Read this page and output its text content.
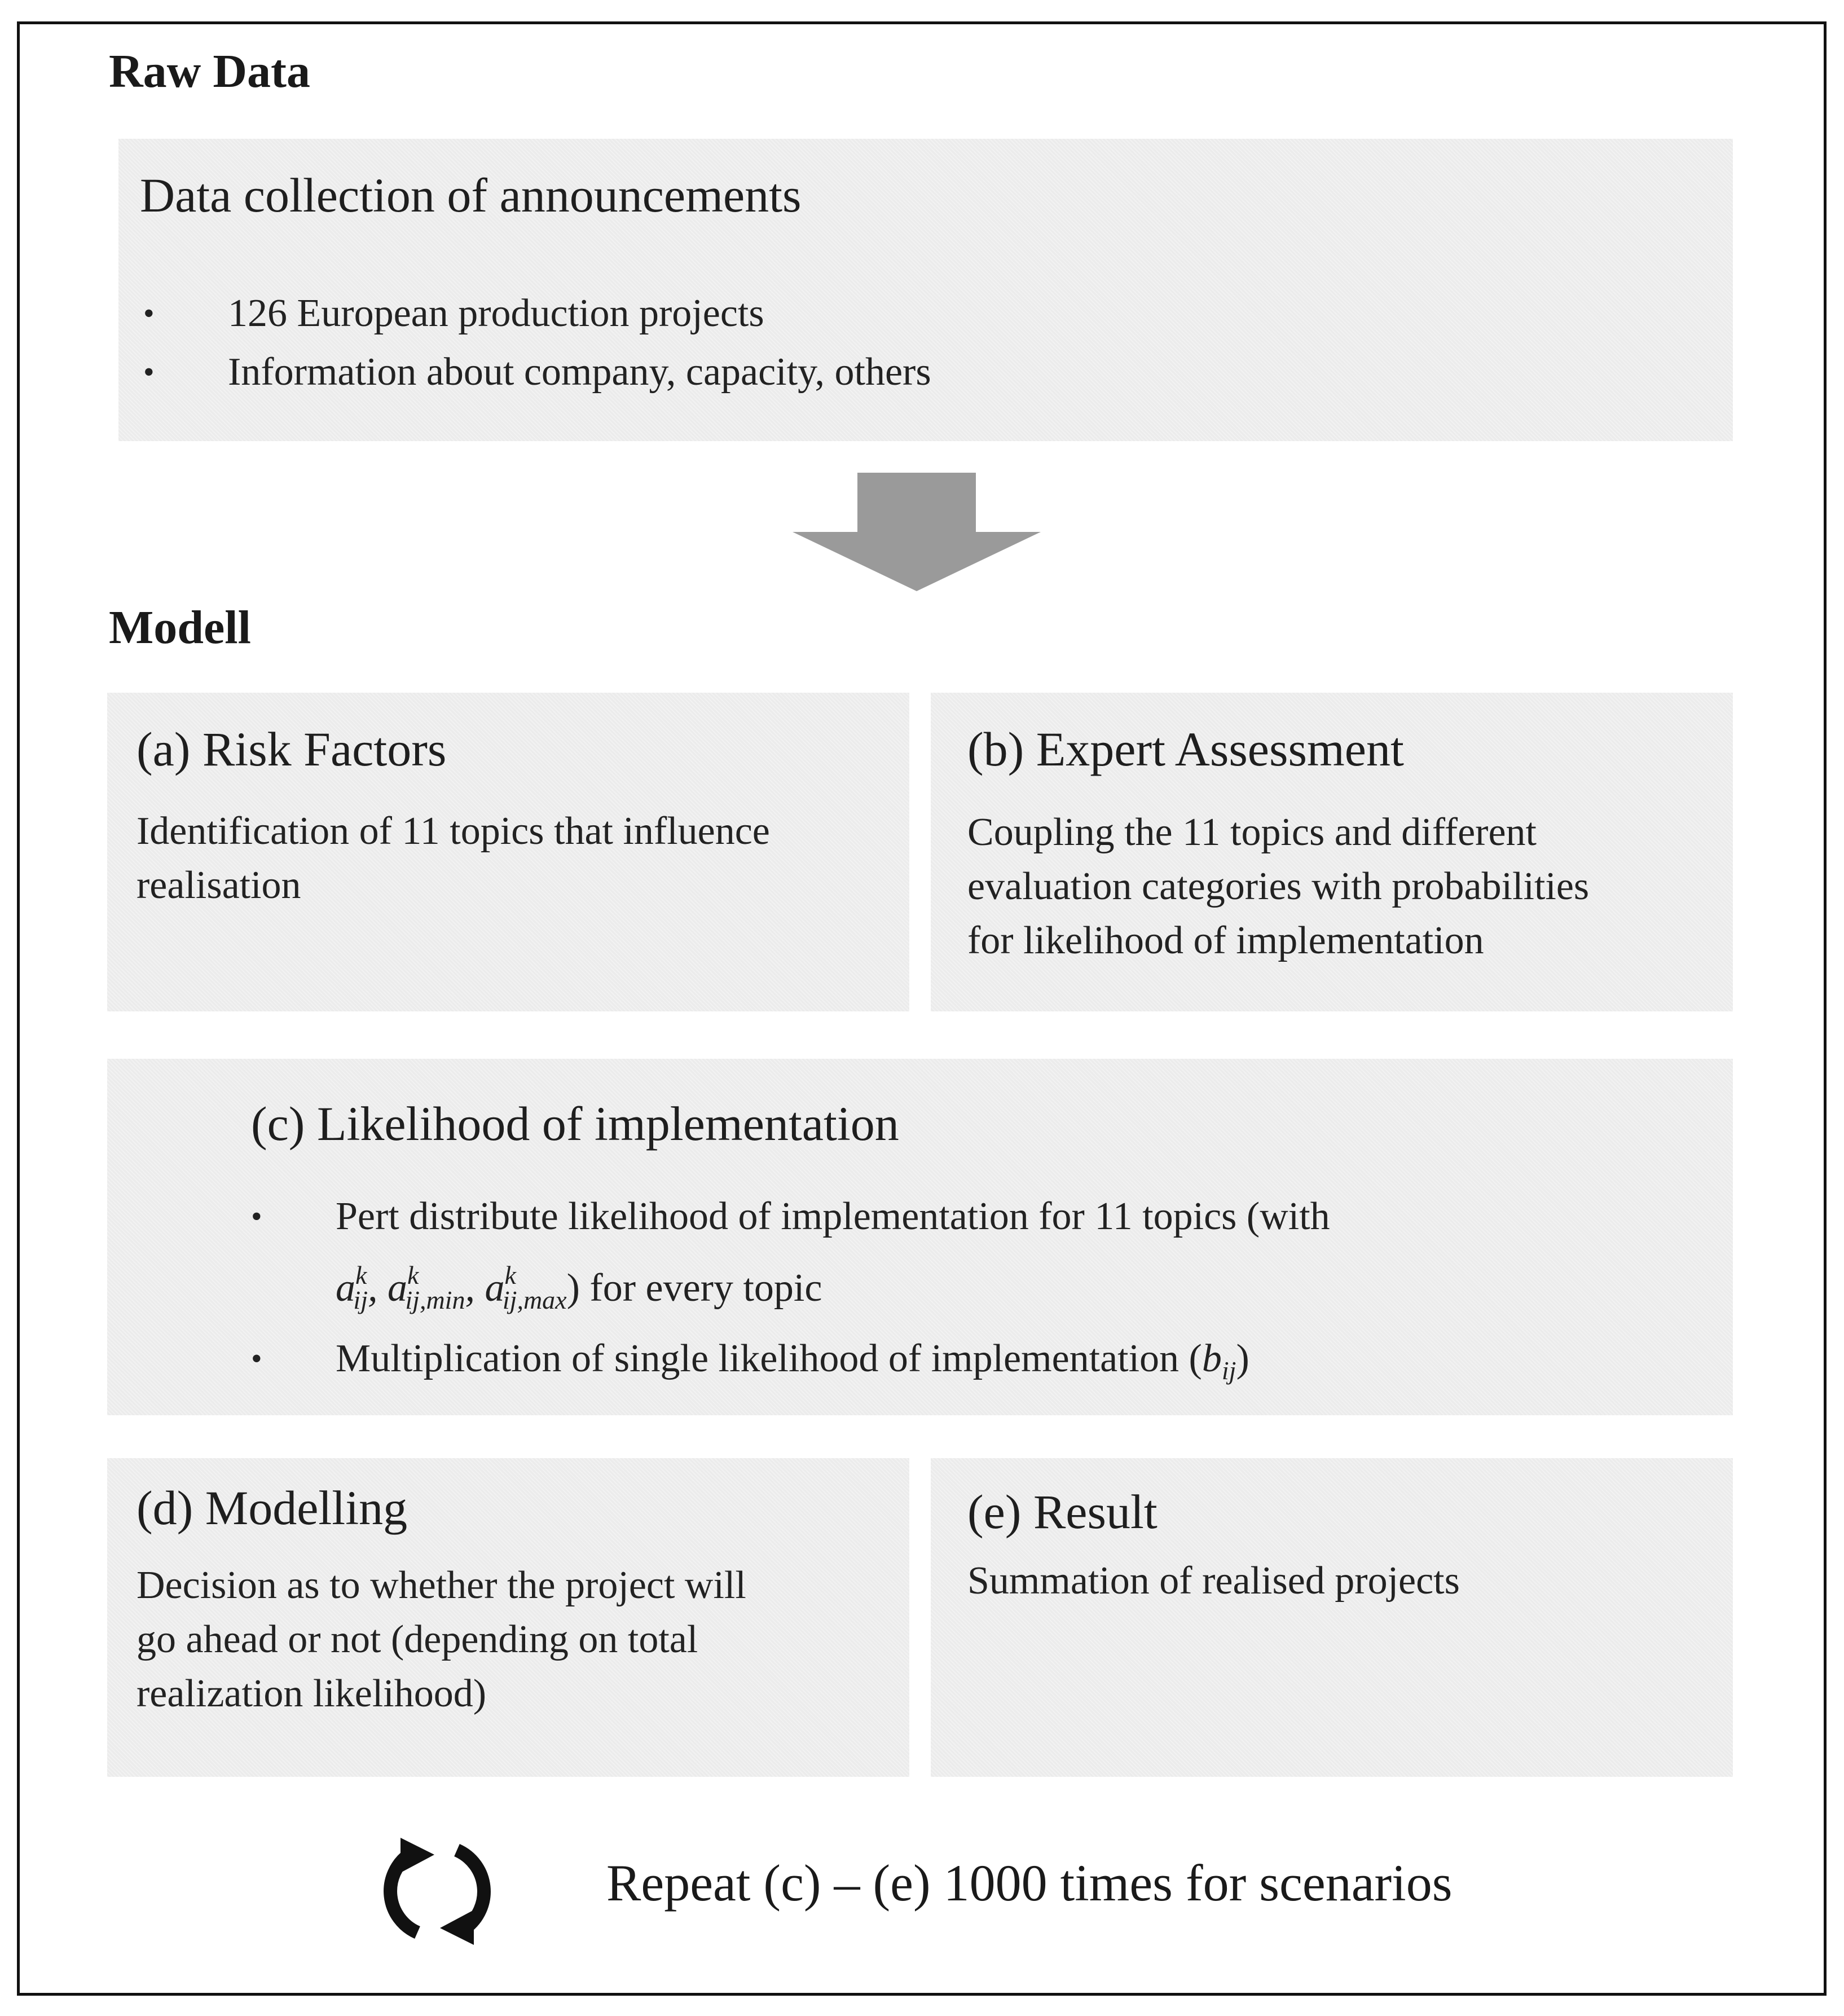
Raw Data
Data collection of announcements
• 126 European production projects
• Information about company, capacity, others
Modell
(a) Risk Factors
Identification of 11 topics that influence
realisation
(b) Expert Assessment
Coupling the 11 topics and different
evaluation categories with probabilities
for likelihood of implementation
(c) Likelihood of implementation
• Pert distribute likelihood of implementation for 11 topics (with
$a^k_{ij}$, $a^k_{ij,min}$, $a^k_{ij,max}$) for every topic
• Multiplication of single likelihood of implementation $(b_{ij})$
(d) Modelling
Decision as to whether the project will
go ahead or not (depending on total
realization likelihood)
(e) Result
Summation of realised projects
Repeat (c) – (e) 1000 times for scenarios
